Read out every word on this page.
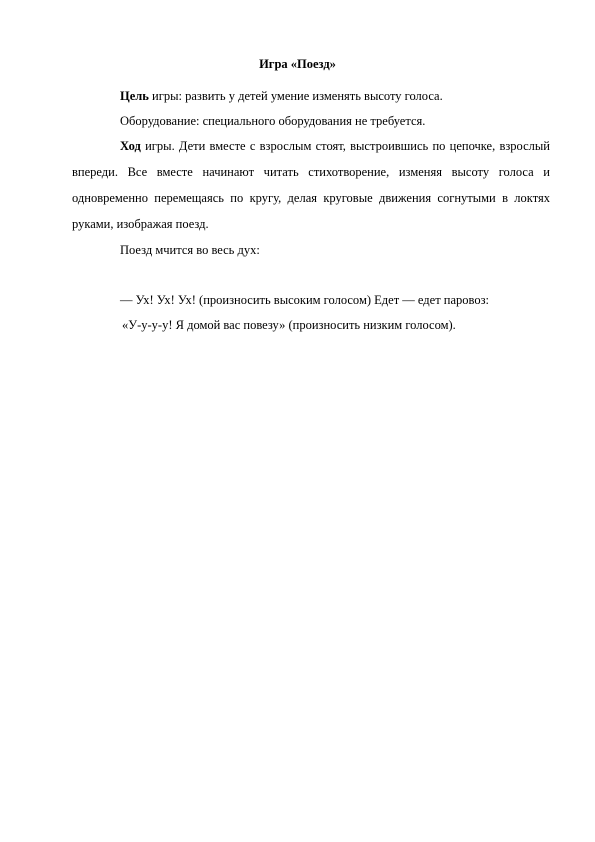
Игра «Поезд»
Цель игры: развить у детей умение изменять высоту голоса.
Оборудование: специального оборудования не требуется.
Ход игры. Дети вместе с взрослым стоят, выстроившись по цепочке, взрослый впереди. Все вместе начинают читать стихотворение, изменяя высоту голоса и одновременно перемещаясь по кругу, делая круговые движения согнутыми в локтях руками, изображая поезд.
Поезд мчится во весь дух:
— Ух! Ух! Ух! (произносить высоким голосом) Едет — едет паровоз:
«У-у-у-у! Я домой вас повезу» (произносить низким голосом).
